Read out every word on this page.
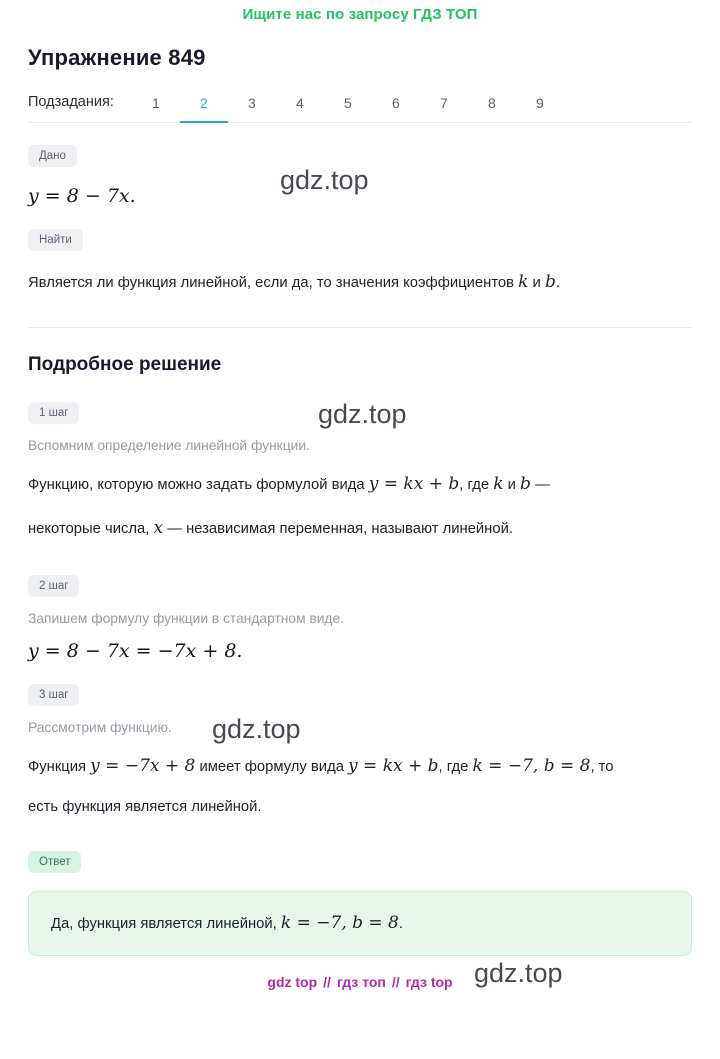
Ищите нас по запросу ГДЗ ТОП
Упражнение 849
Подзадания:	1	2	3	4	5	6	7	8	9
Дано
y = 8 − 7x.
Найти

Является ли функция линейной, если да, то значения коэффициентов k и b.

Подробное решение
1 шаг

Вспомним определение линейной функции.

Функцию, которую можно задать формулой вида y = kx + b, где k и b —

некоторые числа, x — независимая переменная, называют линейной.

2 шаг

Запишем формулу функции в стандартном виде.

y = 8 − 7x = −7x + 8.
3 шаг

Рассмотрим функцию.

Функция y = −7x + 8 имеет формулу вида y = kx + b, где k = −7, b = 8, то

есть функция является линейной.

Ответ

Да, функция является линейной, k = −7, b = 8.

gdz top // гдз топ // гдз top
gdz.top
gdz.top
gdz.top
gdz.top
